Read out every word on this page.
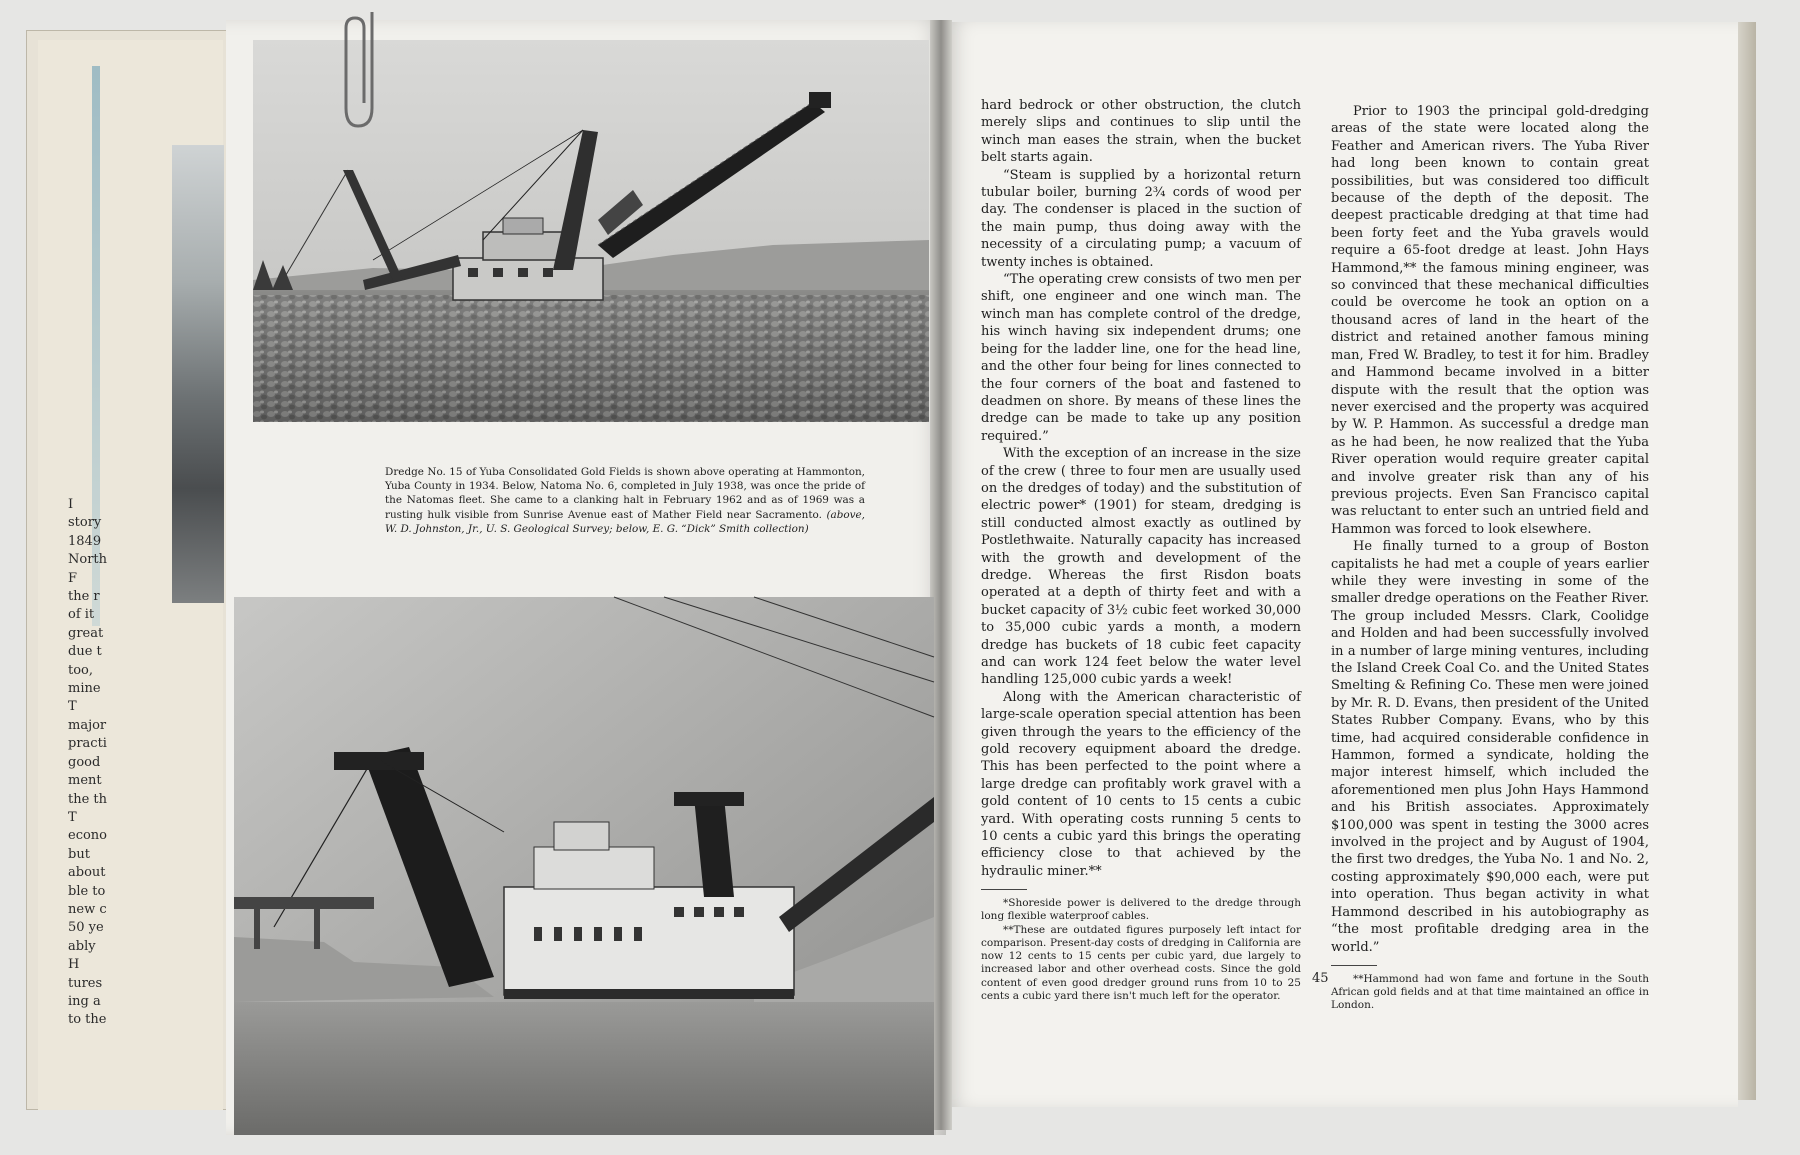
I
story
1849
North
F
the r
of it
great
due t
too,
mine
T
major
practi
good
ment
the th
T
econo
but
about
ble to
new c
50 ye
ably
H
tures
ing a
to the
Dredge No. 15 of Yuba Consolidated Gold Fields is shown above operating at Hammonton, Yuba County in 1934. Below, Natoma No. 6, completed in July 1938, was once the pride of the Natomas fleet. She came to a clanking halt in February 1962 and as of 1969 was a rusting hulk visible from Sunrise Avenue east of Mather Field near Sacramento. (above, W. D. Johnston, Jr., U. S. Geological Survey; below, E. G. “Dick” Smith collection)

hard bedrock or other obstruction, the clutch merely slips and continues to slip until the winch man eases the strain, when the bucket belt starts again.

“Steam is supplied by a horizontal return tubular boiler, burning 2¾ cords of wood per day. The condenser is placed in the suction of the main pump, thus doing away with the necessity of a circulating pump; a vacuum of twenty inches is obtained.

“The operating crew consists of two men per shift, one engineer and one winch man. The winch man has complete control of the dredge, his winch having six independent drums; one being for the ladder line, one for the head line, and the other four being for lines connected to the four corners of the boat and fastened to deadmen on shore. By means of these lines the dredge can be made to take up any position required.”

With the exception of an increase in the size of the crew ( three to four men are usually used on the dredges of today) and the substitution of electric power* (1901) for steam, dredging is still conducted almost exactly as outlined by Postlethwaite. Naturally capacity has increased with the growth and development of the dredge. Whereas the first Risdon boats operated at a depth of thirty feet and with a bucket capacity of 3½ cubic feet worked 30,000 to 35,000 cubic yards a month, a modern dredge has buckets of 18 cubic feet capacity and can work 124 feet below the water level handling 125,000 cubic yards a week!

Along with the American characteristic of large-scale operation special attention has been given through the years to the efficiency of the gold recovery equipment aboard the dredge. This has been perfected to the point where a large dredge can profitably work gravel with a gold content of 10 cents to 15 cents a cubic yard. With operating costs running 5 cents to 10 cents a cubic yard this brings the operating efficiency close to that achieved by the hydraulic miner.**

*Shoreside power is delivered to the dredge through long flexible waterproof cables.

**These are outdated figures purposely left intact for comparison. Present-day costs of dredging in California are now 12 cents to 15 cents per cubic yard, due largely to increased labor and other overhead costs. Since the gold content of even good dredger ground runs from 10 to 25 cents a cubic yard there isn't much left for the operator.

Prior to 1903 the principal gold-dredging areas of the state were located along the Feather and American rivers. The Yuba River had long been known to contain great possibilities, but was considered too difficult because of the depth of the deposit. The deepest practicable dredging at that time had been forty feet and the Yuba gravels would require a 65-foot dredge at least. John Hays Hammond,** the famous mining engineer, was so convinced that these mechanical difficulties could be overcome he took an option on a thousand acres of land in the heart of the district and retained another famous mining man, Fred W. Bradley, to test it for him. Bradley and Hammond became involved in a bitter dispute with the result that the option was never exercised and the property was acquired by W. P. Hammon. As successful a dredge man as he had been, he now realized that the Yuba River operation would require greater capital and involve greater risk than any of his previous projects. Even San Francisco capital was reluctant to enter such an untried field and Hammon was forced to look elsewhere.

He finally turned to a group of Boston capitalists he had met a couple of years earlier while they were investing in some of the smaller dredge operations on the Feather River. The group included Messrs. Clark, Coolidge and Holden and had been successfully involved in a number of large mining ventures, including the Island Creek Coal Co. and the United States Smelting & Refining Co. These men were joined by Mr. R. D. Evans, then president of the United States Rubber Company. Evans, who by this time, had acquired considerable confidence in Hammon, formed a syndicate, holding the major interest himself, which included the aforementioned men plus John Hays Hammond and his British associates. Approximately $100,000 was spent in testing the 3000 acres involved in the project and by August of 1904, the first two dredges, the Yuba No. 1 and No. 2, costing approximately $90,000 each, were put into operation. Thus began activity in what Hammond described in his autobiography as “the most profitable dredging area in the world.”

**Hammond had won fame and fortune in the South African gold fields and at that time maintained an office in London.

45
